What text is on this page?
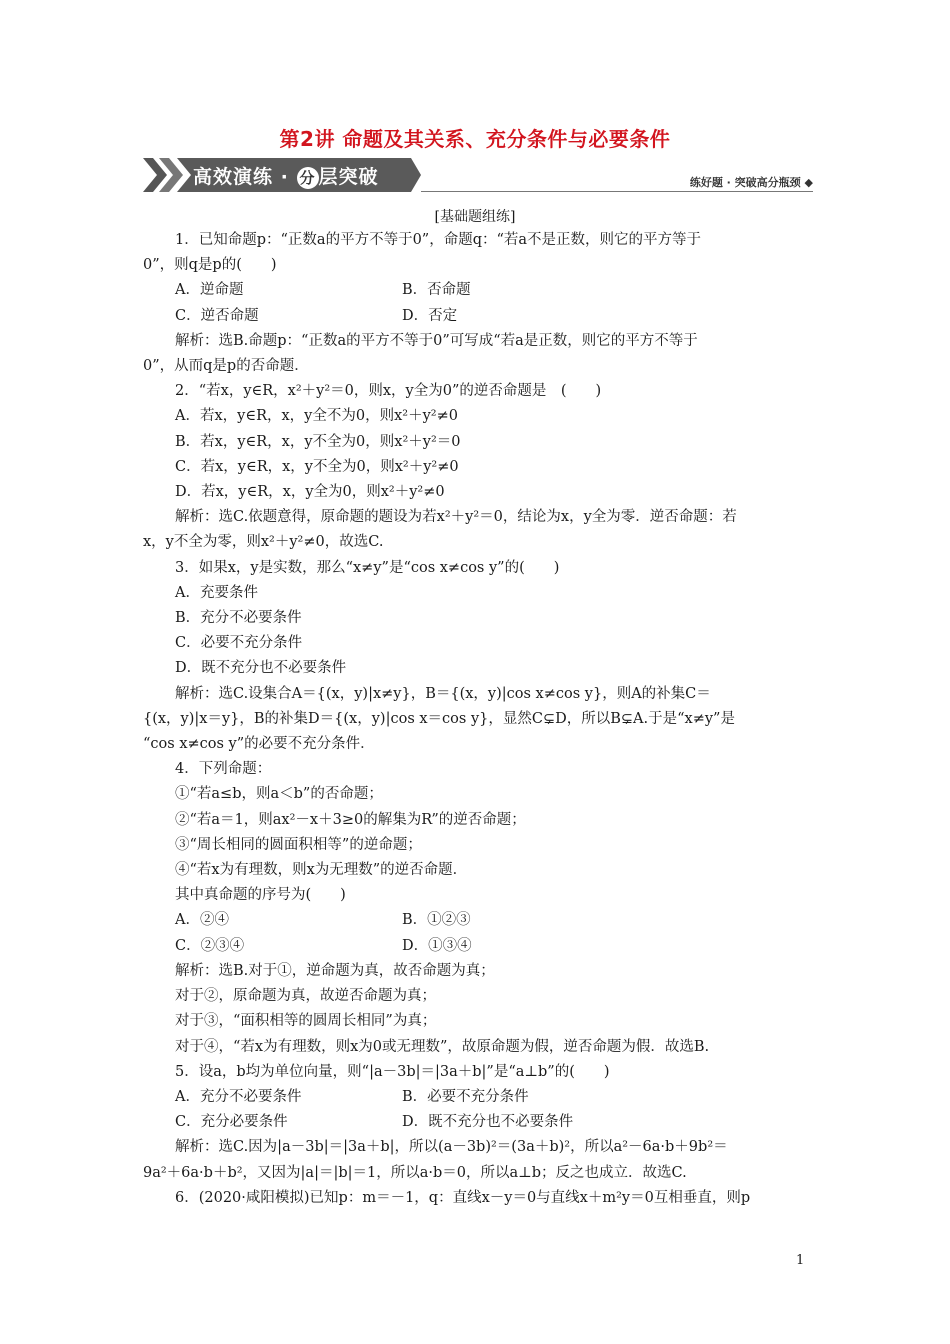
第2讲 命题及其关系、充分条件与必要条件
高效演练 · 分 层突破	练好题 · 突破高分瓶颈 ◆
[基础题组练]
1．已知命题p：“正数a的平方不等于0”，命题q：“若a不是正数，则它的平方等于
0”，则q是p的(　　)
A．逆命题	B．否命题
C．逆否命题	D．否定
解析：选B.命题p：“正数a的平方不等于0”可写成“若a是正数，则它的平方不等于
0”，从而q是p的否命题．
2．“若x，y∈R，x²＋y²＝0，则x，y全为0”的逆否命题是　(　　)
A．若x，y∈R，x，y全不为0，则x²＋y²≠0
B．若x，y∈R，x，y不全为0，则x²＋y²＝0
C．若x，y∈R，x，y不全为0，则x²＋y²≠0
D．若x，y∈R，x，y全为0，则x²＋y²≠0
解析：选C.依题意得，原命题的题设为若x²＋y²＝0，结论为x，y全为零．逆否命题：若
x，y不全为零，则x²＋y²≠0，故选C.
3．如果x，y是实数，那么“x≠y”是“cos x≠cos y”的(　　)
A．充要条件
B．充分不必要条件
C．必要不充分条件
D．既不充分也不必要条件
解析：选C.设集合A＝{(x，y)|x≠y}，B＝{(x，y)|cos x≠cos y}，则A的补集C＝
{(x，y)|x＝y}，B的补集D＝{(x，y)|cos x＝cos y}，显然C⊊D，所以B⊊A.于是“x≠y”是
“cos x≠cos y”的必要不充分条件．
4．下列命题：
①“若a≤b，则a＜b”的否命题；
②“若a＝1，则ax²－x＋3≥0的解集为R”的逆否命题；
③“周长相同的圆面积相等”的逆命题；
④“若x为有理数，则x为无理数”的逆否命题．
其中真命题的序号为(　　)
A．②④	B．①②③
C．②③④	D．①③④
解析：选B.对于①，逆命题为真，故否命题为真；
对于②，原命题为真，故逆否命题为真；
对于③，“面积相等的圆周长相同”为真；
对于④，“若x为有理数，则x为0或无理数”，故原命题为假，逆否命题为假．故选B.
5．设a，b均为单位向量，则“|a－3b|＝|3a＋b|”是“a⊥b”的(　　)
A．充分不必要条件	B．必要不充分条件
C．充分必要条件	D．既不充分也不必要条件
解析：选C.因为|a－3b|＝|3a＋b|，所以(a－3b)²＝(3a＋b)²，所以a²－6a·b＋9b²＝
9a²＋6a·b＋b²，又因为|a|＝|b|＝1，所以a·b＝0，所以a⊥b；反之也成立．故选C.
6．(2020·咸阳模拟)已知p：m＝－1，q：直线x－y＝0与直线x＋m²y＝0互相垂直，则p
1
